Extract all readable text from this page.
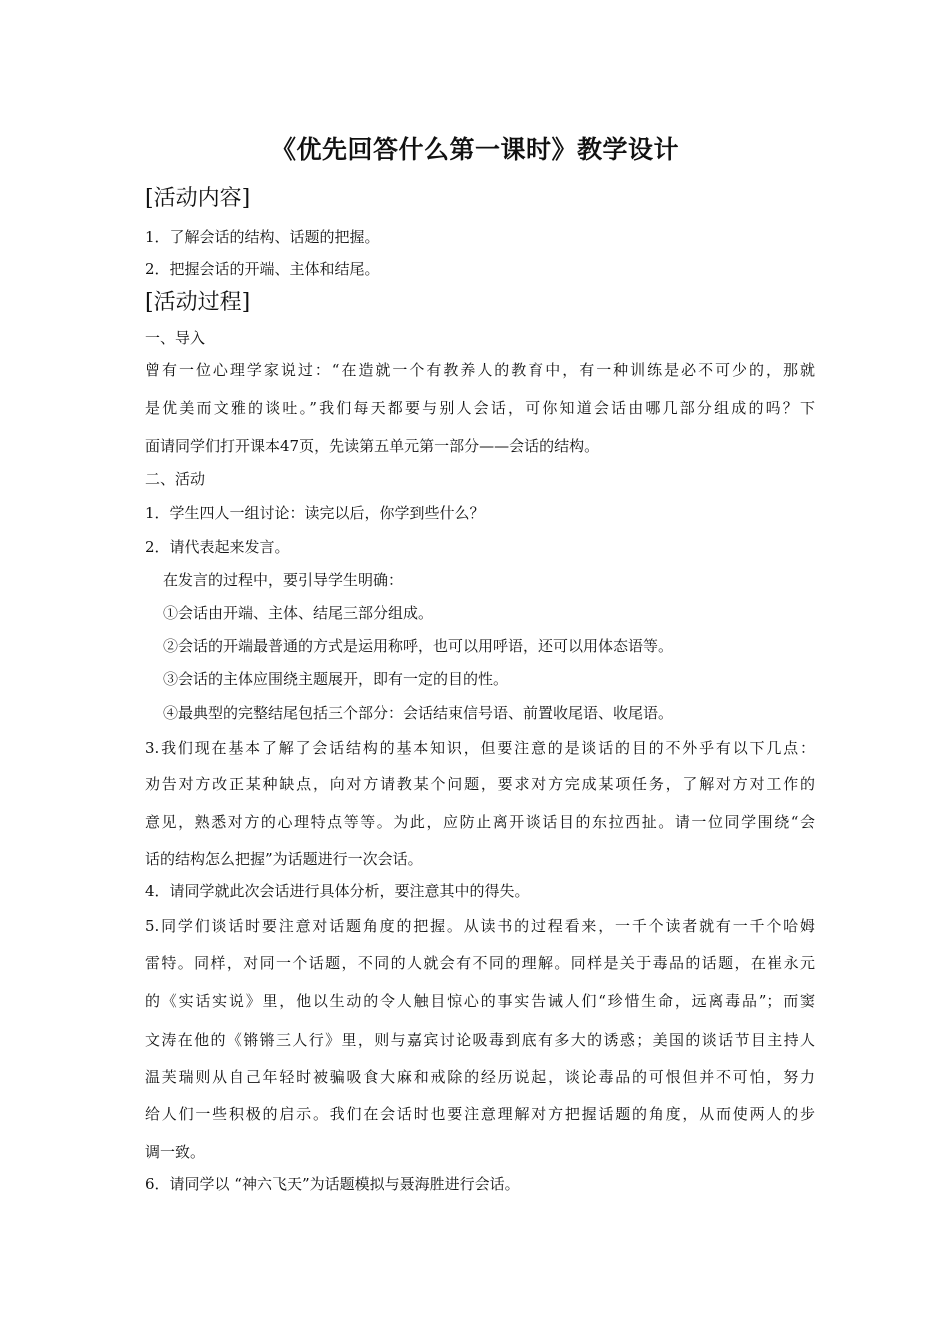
《优先回答什么第一课时》教学设计
[活动内容]
1．了解会话的结构、话题的把握。
2．把握会话的开端、主体和结尾。
[活动过程]
一、导入
曾有一位心理学家说过：“在造就一个有教养人的教育中，有一种训练是必不可少的，那就
是优美而文雅的谈吐。”我们每天都要与别人会话，可你知道会话由哪几部分组成的吗？下
面请同学们打开课本47页，先读第五单元第一部分——会话的结构。
二、活动
1．学生四人一组讨论：读完以后，你学到些什么？
2．请代表起来发言。
在发言的过程中，要引导学生明确：
①会话由开端、主体、结尾三部分组成。
②会话的开端最普通的方式是运用称呼，也可以用呼语，还可以用体态语等。
③会话的主体应围绕主题展开，即有一定的目的性。
④最典型的完整结尾包括三个部分：会话结束信号语、前置收尾语、收尾语。
3.我们现在基本了解了会话结构的基本知识，但要注意的是谈话的目的不外乎有以下几点：
劝告对方改正某种缺点，向对方请教某个问题，要求对方完成某项任务，了解对方对工作的
意见，熟悉对方的心理特点等等。为此，应防止离开谈话目的东拉西扯。请一位同学围绕“会
话的结构怎么把握”为话题进行一次会话。
4．请同学就此次会话进行具体分析，要注意其中的得失。
5.同学们谈话时要注意对话题角度的把握。从读书的过程看来，一千个读者就有一千个哈姆
雷特。同样，对同一个话题，不同的人就会有不同的理解。同样是关于毒品的话题，在崔永元
的《实话实说》里，他以生动的令人触目惊心的事实告诫人们“珍惜生命，远离毒品”；而窦
文涛在他的《锵锵三人行》里，则与嘉宾讨论吸毒到底有多大的诱惑；美国的谈话节目主持人
温芙瑞则从自己年轻时被骗吸食大麻和戒除的经历说起，谈论毒品的可恨但并不可怕，努力
给人们一些积极的启示。我们在会话时也要注意理解对方把握话题的角度，从而使两人的步
调一致。
6．请同学以 “神六飞天”为话题模拟与聂海胜进行会话。
